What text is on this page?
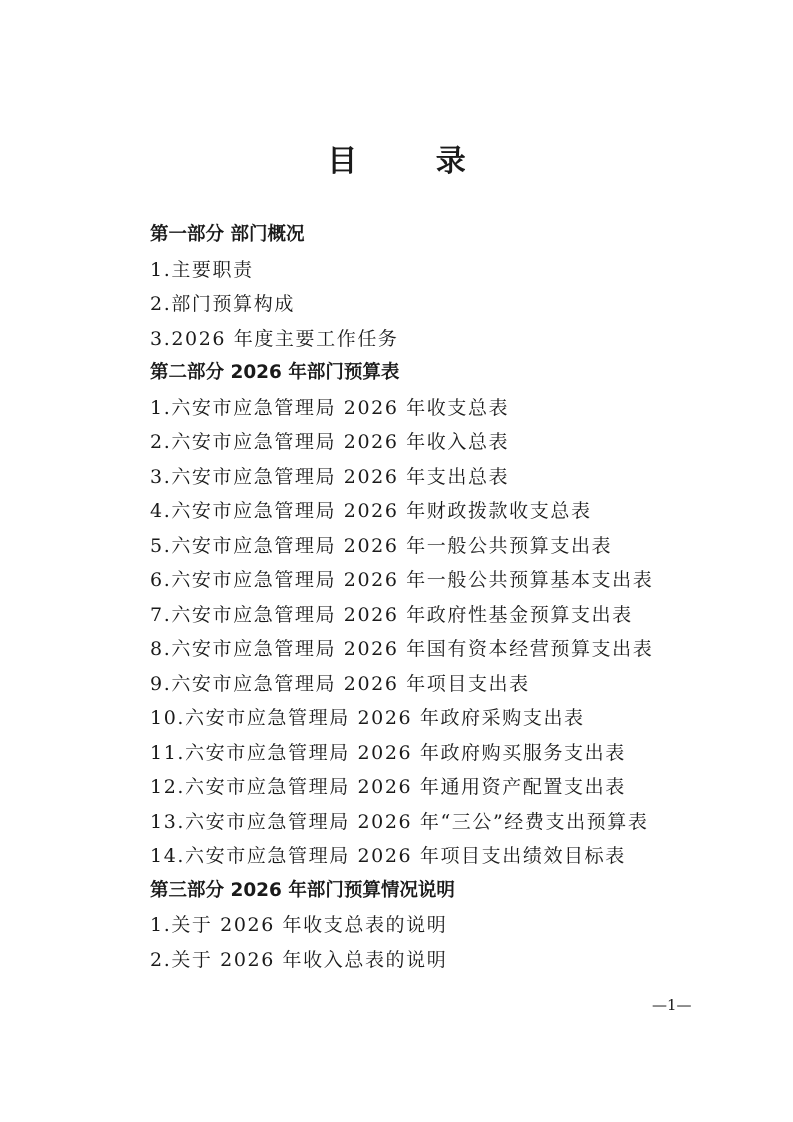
目 录
第一部分 部门概况
1.主要职责
2.部门预算构成
3.2026 年度主要工作任务
第二部分 2026 年部门预算表
1.六安市应急管理局 2026 年收支总表
2.六安市应急管理局 2026 年收入总表
3.六安市应急管理局 2026 年支出总表
4.六安市应急管理局 2026 年财政拨款收支总表
5.六安市应急管理局 2026 年一般公共预算支出表
6.六安市应急管理局 2026 年一般公共预算基本支出表
7.六安市应急管理局 2026 年政府性基金预算支出表
8.六安市应急管理局 2026 年国有资本经营预算支出表
9.六安市应急管理局 2026 年项目支出表
10.六安市应急管理局 2026 年政府采购支出表
11.六安市应急管理局 2026 年政府购买服务支出表
12.六安市应急管理局 2026 年通用资产配置支出表
13.六安市应急管理局 2026 年“三公”经费支出预算表
14.六安市应急管理局 2026 年项目支出绩效目标表
第三部分 2026 年部门预算情况说明
1.关于 2026 年收支总表的说明
2.关于 2026 年收入总表的说明
—1—
